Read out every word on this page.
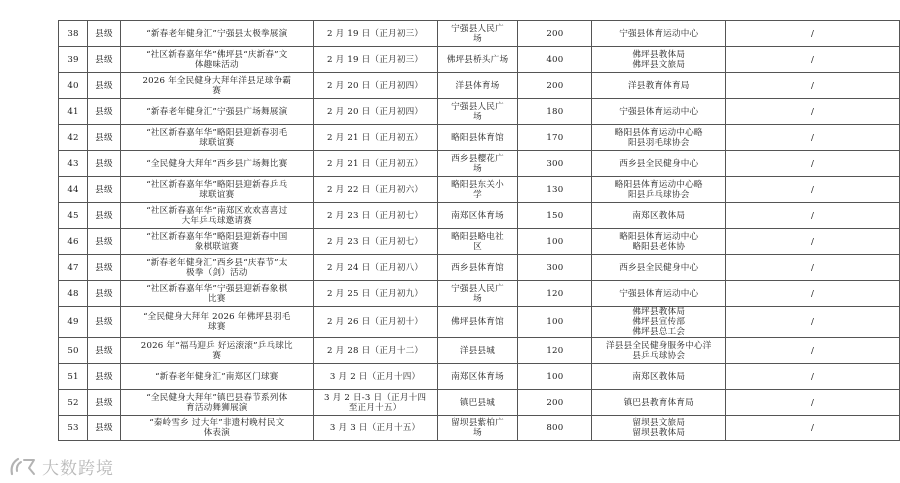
38	县级	“新春老年健身汇”宁强县太极拳展演	2 月 19 日（正月初三）	宁强县人民广
场	200	宁强县体育运动中心	/

39	县级	“社区新春嘉年华”佛坪县“庆新春”文
体趣味活动	2 月 19 日（正月初三）	佛坪县桥头广场	400	佛坪县教体局
佛坪县文旅局	/

40	县级	2026 年全民健身大拜年洋县足球争霸
赛	2 月 20 日（正月初四）	洋县体育场	200	洋县教育体育局	/

41	县级	“新春老年健身汇”宁强县广场舞展演	2 月 20 日（正月初四）	宁强县人民广
场	180	宁强县体育运动中心	/

42	县级	“社区新春嘉年华”略阳县迎新春羽毛
球联谊赛	2 月 21 日（正月初五）	略阳县体育馆	170	略阳县体育运动中心略
阳县羽毛球协会	/

43	县级	“全民健身大拜年”西乡县广场舞比赛	2 月 21 日（正月初五）	西乡县樱花广
场	300	西乡县全民健身中心	/

44	县级	“社区新春嘉年华”略阳县迎新春乒乓
球联谊赛	2 月 22 日（正月初六）	略阳县东关小
学	130	略阳县体育运动中心略
阳县乒乓球协会	/

45	县级	“社区新春嘉年华”南郑区欢欢喜喜过
大年乒乓球邀请赛	2 月 23 日（正月初七）	南郑区体育场	150	南郑区教体局	/

46	县级	“社区新春嘉年华”略阳县迎新春中国
象棋联谊赛	2 月 23 日（正月初七）	略阳县略电社
区	100	略阳县体育运动中心
略阳县老体协	/

47	县级	“新春老年健身汇”西乡县“庆春节”太
极拳（剑）活动	2 月 24 日（正月初八）	西乡县体育馆	300	西乡县全民健身中心	/

48	县级	“社区新春嘉年华”宁强县迎新春象棋
比赛	2 月 25 日（正月初九）	宁强县人民广
场	120	宁强县体育运动中心	/

49	县级	“全民健身大拜年 2026 年佛坪县羽毛
球赛	2 月 26 日（正月初十）	佛坪县体育馆	100	佛坪县教体局
佛坪县宣传部
佛坪县总工会	/

50	县级	2026 年“福马迎乒 好运滚滚”乒乓球比
赛	2 月 28 日（正月十二）	洋县县城	120	洋县县全民健身服务中心洋
县乒乓球协会	/

51	县级	“新春老年健身汇”南郑区门球赛	3 月 2 日（正月十四）	南郑区体育场	100	南郑区教体局	/

52	县级	“全民健身大拜年”镇巴县春节系列体
育活动舞狮展演	3 月 2 日-3 日（正月十四
至正月十五）	镇巴县城	200	镇巴县教育体育局	/

53	县级	“秦岭雪乡 过大年”非遗村晚村民文
体表演	3 月 3 日（正月十五）	留坝县紫柏广
场	800	留坝县文旅局
留坝县教体局	/
大数跨境
